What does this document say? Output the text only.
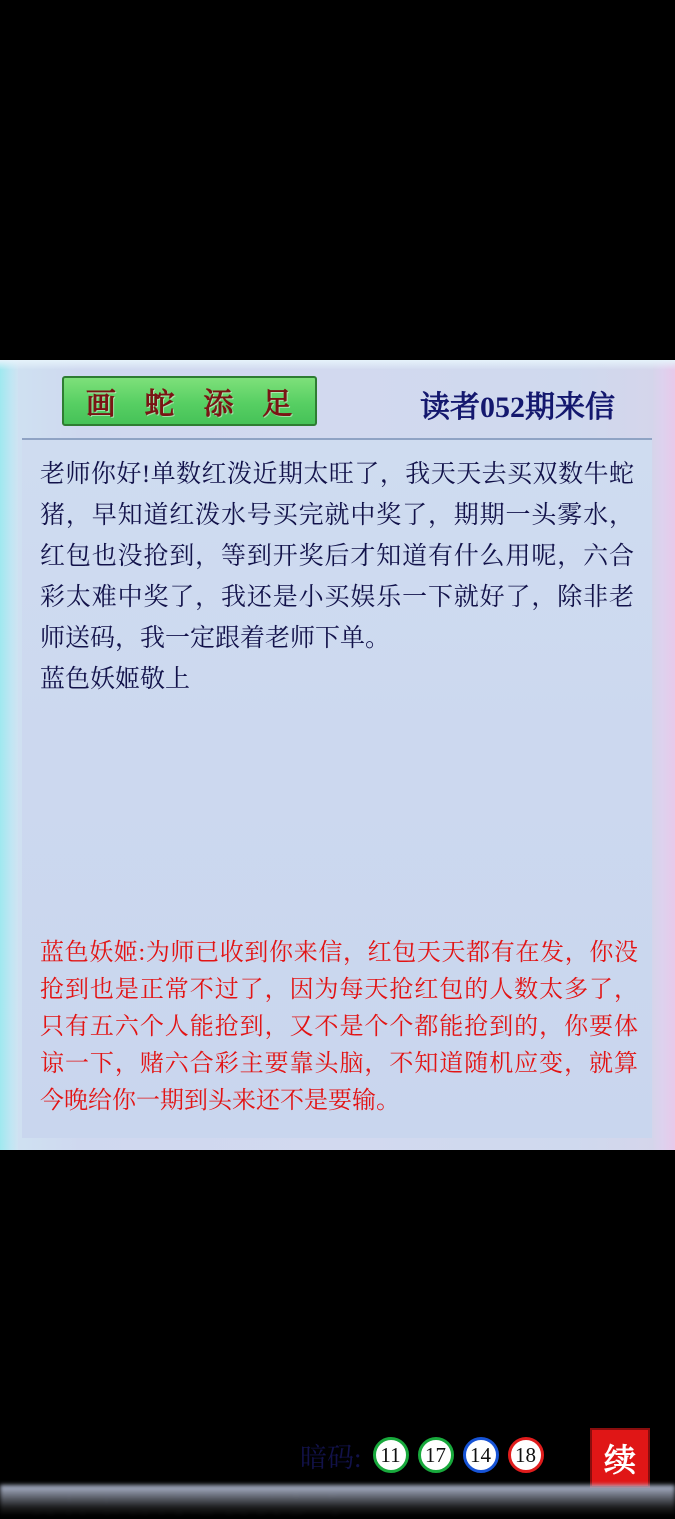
画 蛇 添 足	读者052期来信
老师你好!单数红泼近期太旺了，我天天去买双数牛蛇猪，早知道红泼水号买完就中奖了，期期一头雾水，红包也没抢到，等到开奖后才知道有什么用呢，六合彩太难中奖了，我还是小买娱乐一下就好了，除非老师送码，我一定跟着老师下单。
蓝色妖姬敬上
蓝色妖姬:为师已收到你来信，红包天天都有在发，你没抢到也是正常不过了，因为每天抢红包的人数太多了，只有五六个人能抢到，又不是个个都能抢到的，你要体谅一下，赌六合彩主要靠头脑，不知道随机应变，就算今晚给你一期到头来还不是要输。
暗码: 11	17	14	18	续
